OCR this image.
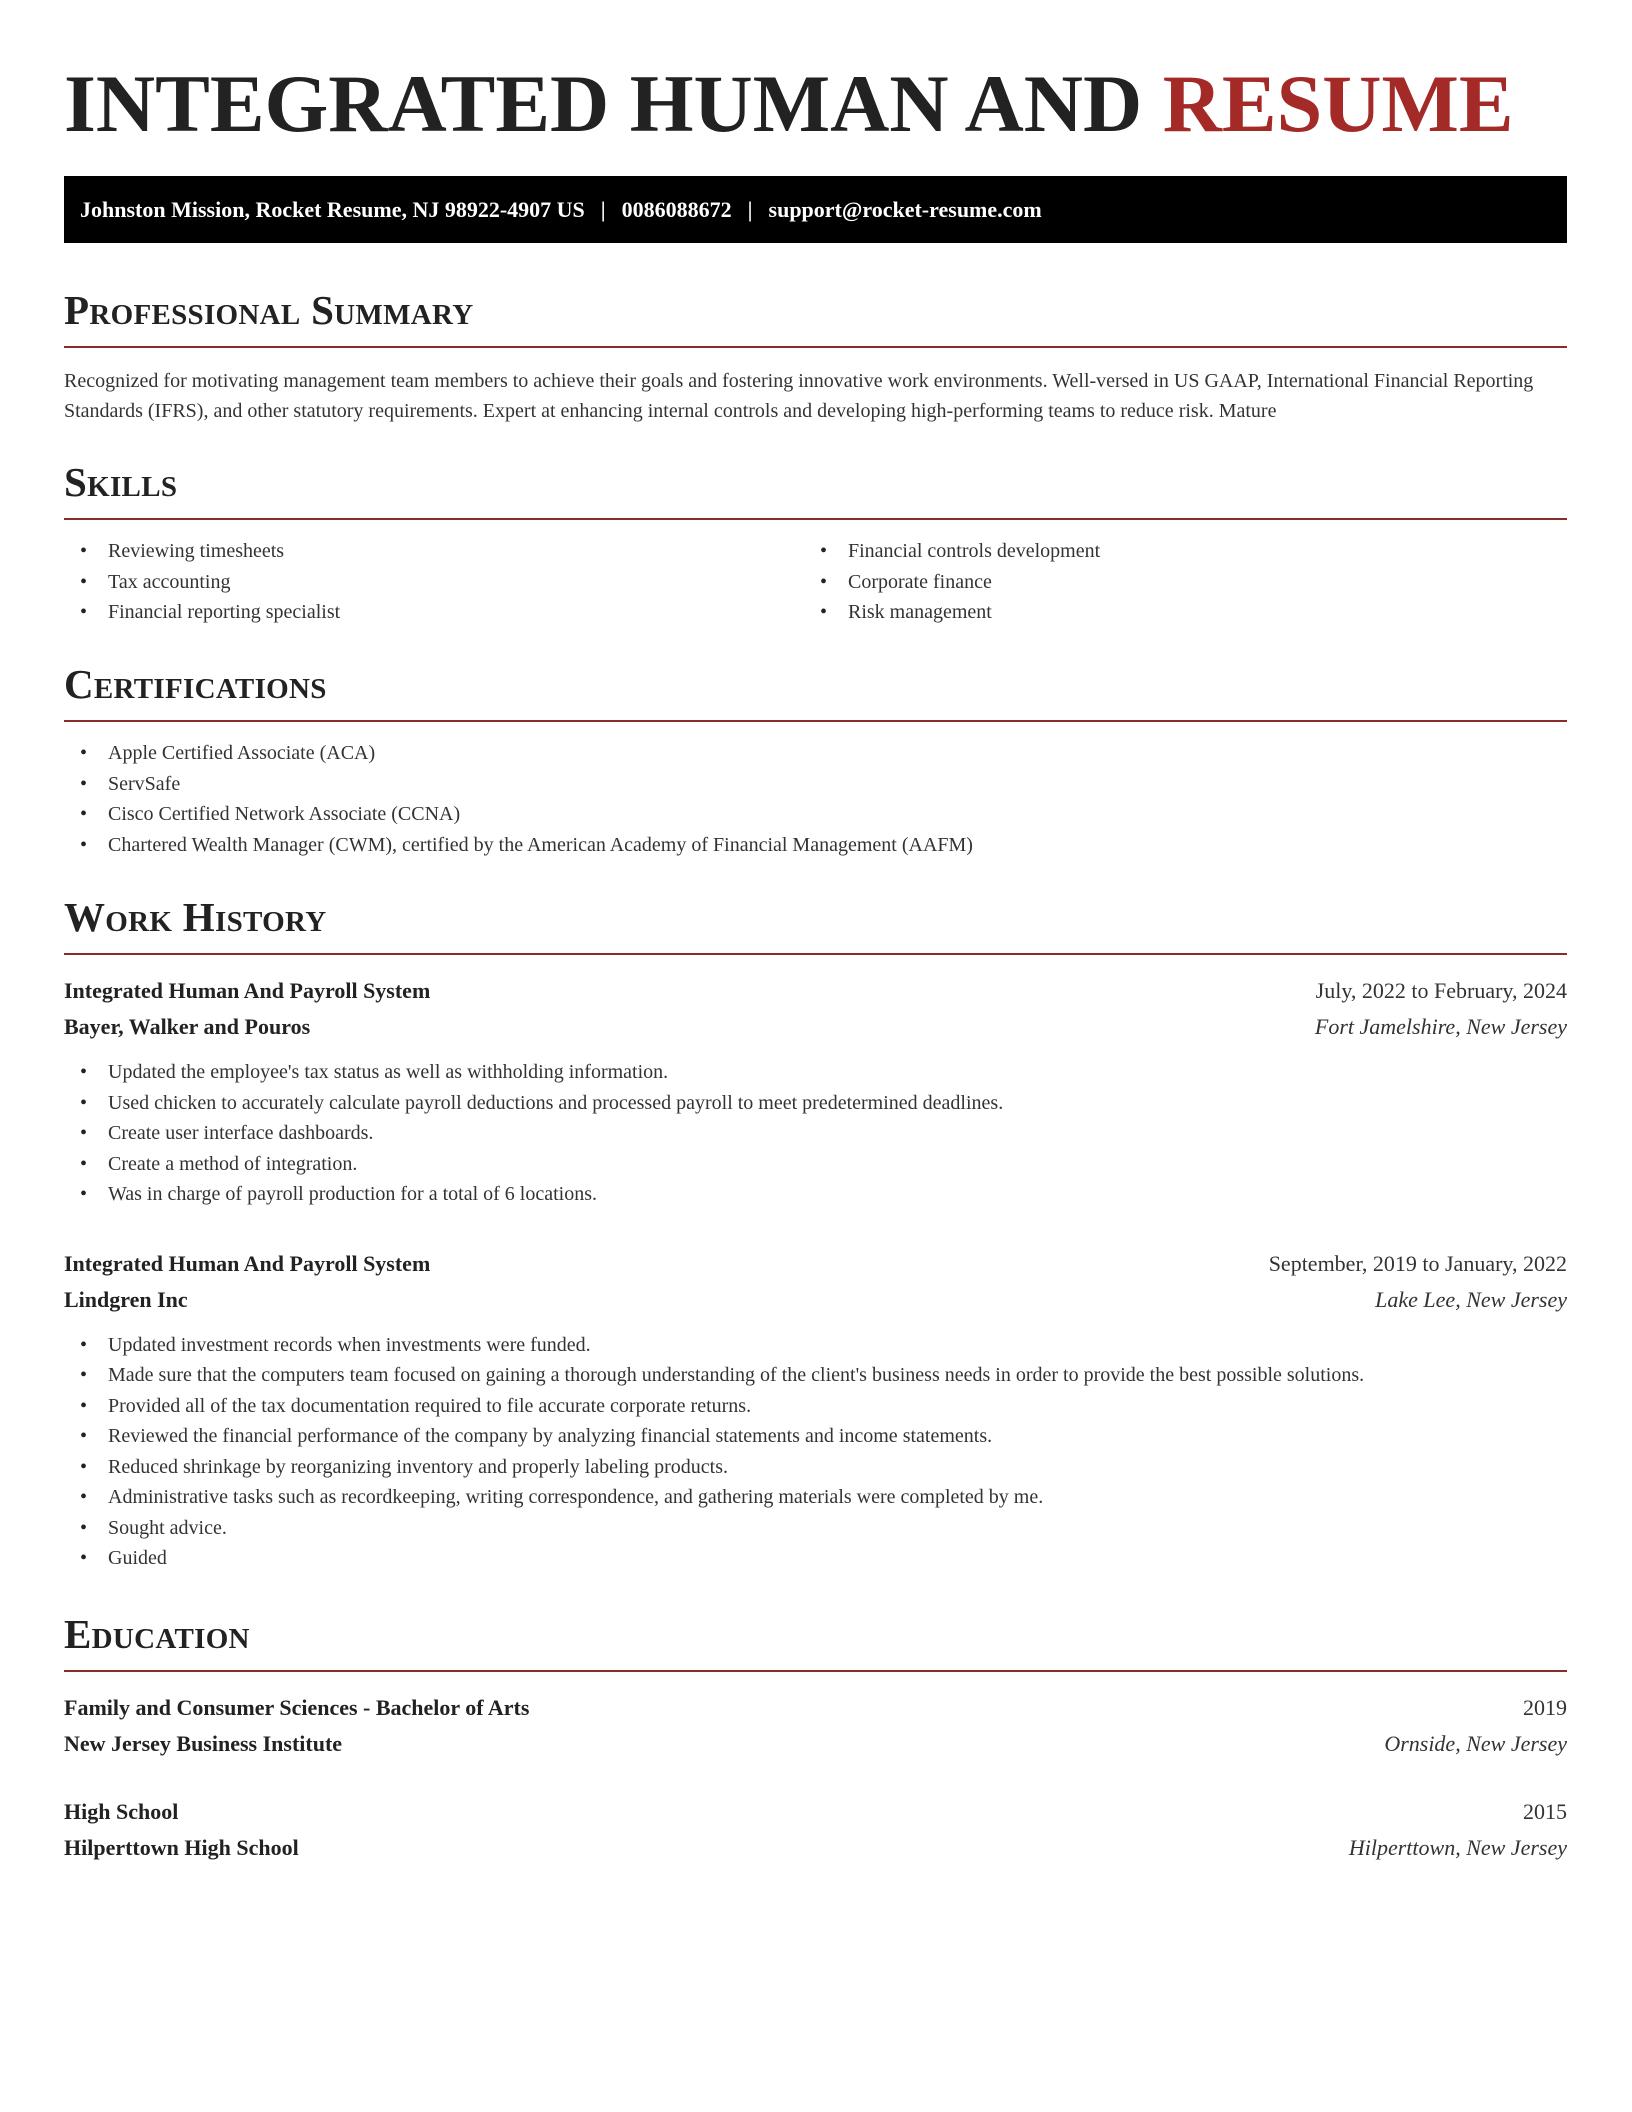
INTEGRATED HUMAN AND RESUME
Johnston Mission, Rocket Resume, NJ 98922-4907 US | 0086088672 | support@rocket-resume.com
Professional Summary

Recognized for motivating management team members to achieve their goals and fostering innovative work environments. Well-versed in US GAAP, International Financial Reporting Standards (IFRS), and other statutory requirements. Expert at enhancing internal controls and developing high-performing teams to reduce risk. Mature

Skills
• Reviewing timesheets
• Tax accounting
• Financial reporting specialist
• Financial controls development
• Corporate finance
• Risk management
Certifications
• Apple Certified Associate (ACA)
• ServSafe
• Cisco Certified Network Associate (CCNA)
• Chartered Wealth Manager (CWM), certified by the American Academy of Financial Management (AAFM)
Work History
Integrated Human And Payroll System	July, 2022 to February, 2024
Bayer, Walker and Pouros	Fort Jamelshire, New Jersey
• Updated the employee's tax status as well as withholding information.
• Used chicken to accurately calculate payroll deductions and processed payroll to meet predetermined deadlines.
• Create user interface dashboards.
• Create a method of integration.
• Was in charge of payroll production for a total of 6 locations.
Integrated Human And Payroll System	September, 2019 to January, 2022
Lindgren Inc	Lake Lee, New Jersey
• Updated investment records when investments were funded.
• Made sure that the computers team focused on gaining a thorough understanding of the client's business needs in order to provide the best possible solutions.
• Provided all of the tax documentation required to file accurate corporate returns.
• Reviewed the financial performance of the company by analyzing financial statements and income statements.
• Reduced shrinkage by reorganizing inventory and properly labeling products.
• Administrative tasks such as recordkeeping, writing correspondence, and gathering materials were completed by me.
• Sought advice.
• Guided
Education
Family and Consumer Sciences - Bachelor of Arts	2019
New Jersey Business Institute	Ornside, New Jersey
High School	2015
Hilperttown High School	Hilperttown, New Jersey
